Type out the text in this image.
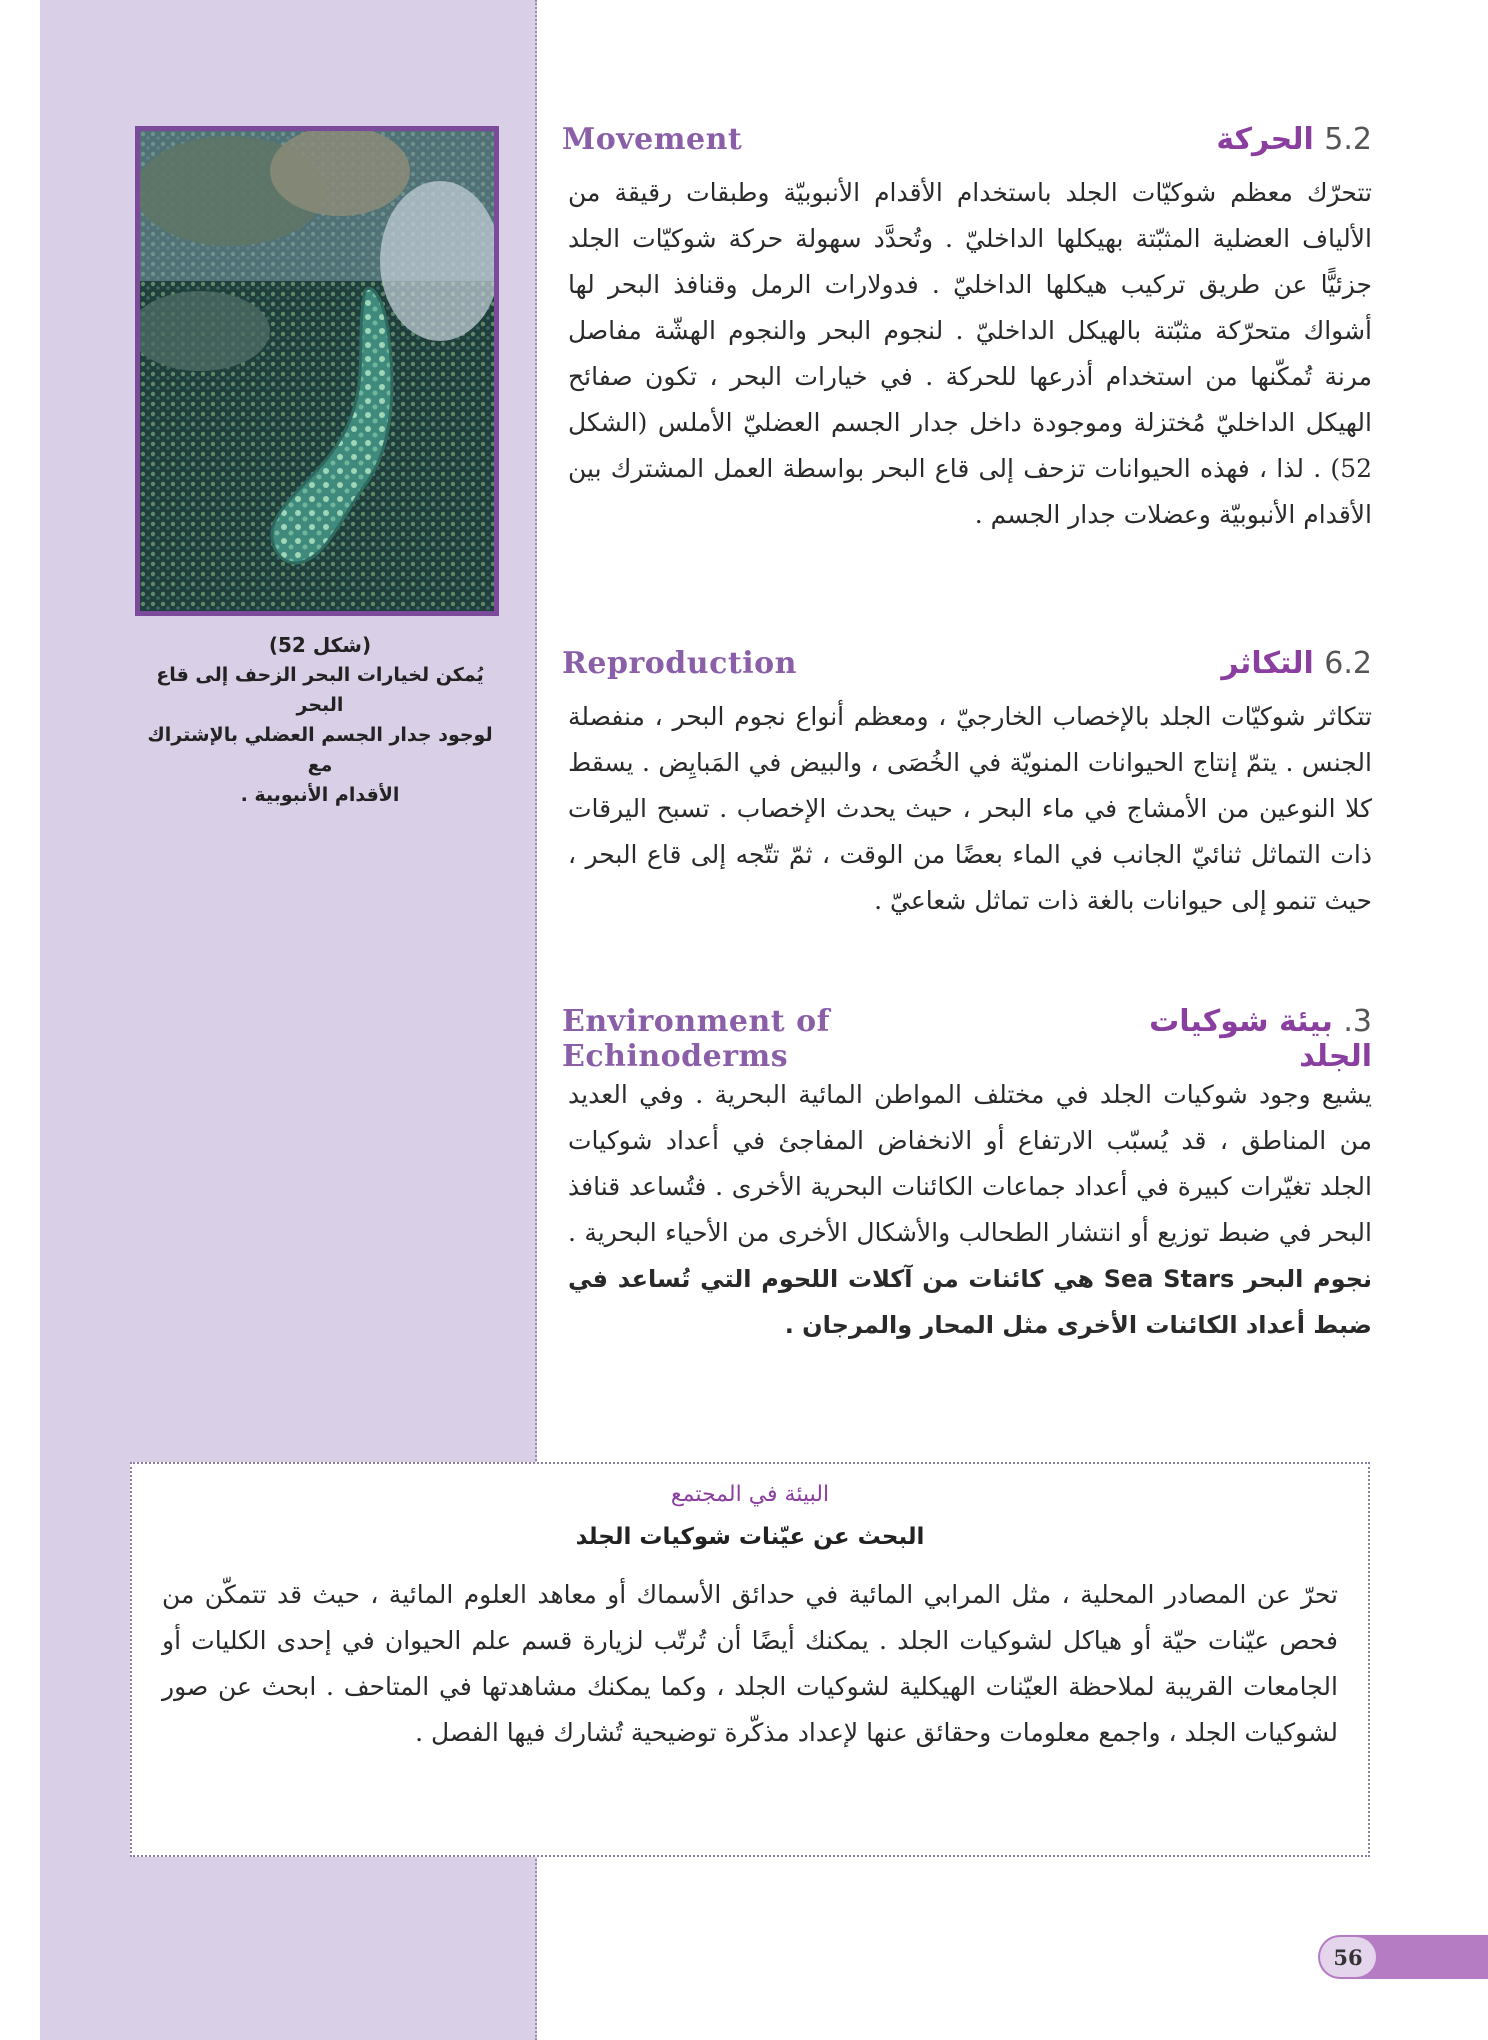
(شكل 52)
يُمكن لخيارات البحر الزحف إلى قاع البحر
لوجود جدار الجسم العضلي بالإشتراك مع
الأقدام الأنبوبية .
Movement	5.2 الحركة
تتحرّك معظم شوكيّات الجلد باستخدام الأقدام الأنبوبيّة وطبقات رقيقة من الألياف العضلية المثبّتة بهيكلها الداخليّ . وتُحدَّد سهولة حركة شوكيّات الجلد جزئيًّا عن طريق تركيب هيكلها الداخليّ . فدولارات الرمل وقنافذ البحر لها أشواك متحرّكة مثبّتة بالهيكل الداخليّ . لنجوم البحر والنجوم الهشّة مفاصل مرنة تُمكّنها من استخدام أذرعها للحركة . في خيارات البحر ، تكون صفائح الهيكل الداخليّ مُختزلة وموجودة داخل جدار الجسم العضليّ الأملس (الشكل 52) . لذا ، فهذه الحيوانات تزحف إلى قاع البحر بواسطة العمل المشترك بين الأقدام الأنبوبيّة وعضلات جدار الجسم .
Reproduction	6.2 التكاثر
تتكاثر شوكيّات الجلد بالإخصاب الخارجيّ ، ومعظم أنواع نجوم البحر ، منفصلة الجنس . يتمّ إنتاج الحيوانات المنويّة في الخُصَى ، والبيض في المَبايِض . يسقط كلا النوعين من الأمشاج في ماء البحر ، حيث يحدث الإخصاب . تسبح اليرقات ذات التماثل ثنائيّ الجانب في الماء بعضًا من الوقت ، ثمّ تتّجه إلى قاع البحر ، حيث تنمو إلى حيوانات بالغة ذات تماثل شعاعيّ .
3. بيئة شوكيات الجلد
Environment of Echinoderms
يشيع وجود شوكيات الجلد في مختلف المواطن المائية البحرية . وفي العديد من المناطق ، قد يُسبّب الارتفاع أو الانخفاض المفاجئ في أعداد شوكيات الجلد تغيّرات كبيرة في أعداد جماعات الكائنات البحرية الأخرى . فتُساعد قنافذ البحر في ضبط توزيع أو انتشار الطحالب والأشكال الأخرى من الأحياء البحرية . نجوم البحر Sea Stars هي كائنات من آكلات اللحوم التي تُساعد في ضبط أعداد الكائنات الأخرى مثل المحار والمرجان .
البيئة في المجتمع
البحث عن عيّنات شوكيات الجلد
تحرّ عن المصادر المحلية ، مثل المرابي المائية في حدائق الأسماك أو معاهد العلوم المائية ، حيث قد تتمكّن من فحص عيّنات حيّة أو هياكل لشوكيات الجلد . يمكنك أيضًا أن تُرتّب لزيارة قسم علم الحيوان في إحدى الكليات أو الجامعات القريبة لملاحظة العيّنات الهيكلية لشوكيات الجلد ، وكما يمكنك مشاهدتها في المتاحف . ابحث عن صور لشوكيات الجلد ، واجمع معلومات وحقائق عنها لإعداد مذكّرة توضيحية تُشارك فيها الفصل .
56
